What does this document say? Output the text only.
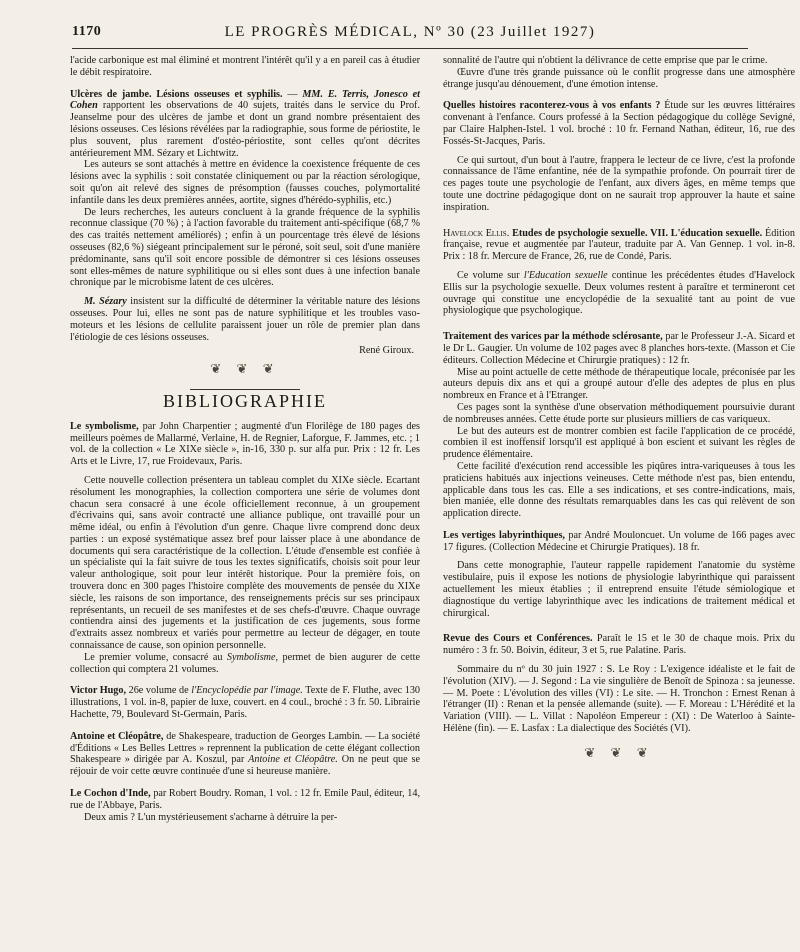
1170	LE PROGRÈS MÉDICAL, Nº 30 (23 Juillet 1927)

l'acide carbonique est mal éliminé et montrent l'intérêt qu'il y a en pareil cas à étudier le débit respiratoire.

Ulcères de jambe. Lésions osseuses et syphilis. — MM. E. Terris, Jonesco et Cohen rapportent les observations de 40 sujets, traités dans le service du Prof. Jeanselme pour des ulcères de jambe et dont un grand nombre présentaient des lésions osseuses. Ces lésions révélées par la radiographie, sous forme de périostite, le plus souvent, plus rarement d'ostéo-périostite, sont celles qu'ont décrites antérieurement MM. Sézary et Lichtwitz.

Les auteurs se sont attachés à mettre en évidence la coexistence fréquente de ces lésions avec la syphilis : soit constatée cliniquement ou par la réaction sérologique, soit qu'on ait relevé des signes de présomption (fausses couches, polymortalité infantile dans les deux premières années, aortite, signes d'hérédo-syphilis, etc.)

De leurs recherches, les auteurs concluent à la grande fréquence de la syphilis reconnue classique (70 %) ; à l'action favorable du traitement anti-spécifique (68,7 % des cas traités nettement améliorés) ; enfin à un pourcentage très élevé de lésions osseuses (82,6 %) siégeant principalement sur le péroné, soit seul, soit d'une manière prédominante, sans qu'il soit encore possible de démontrer si ces lésions osseuses sont elles-mêmes de nature syphilitique ou si elles sont dues à une infection banale chronique par le microbisme latent de ces ulcères.

M. Sézary insistent sur la difficulté de déterminer la véritable nature des lésions osseuses. Pour lui, elles ne sont pas de nature syphilitique et les troubles vaso-moteurs et les lésions de cellulite paraissent jouer un rôle de premier plan dans l'étiologie de ces lésions osseuses.

René Giroux.
❦ ❦ ❦
BIBLIOGRAPHIE

Le symbolisme, par John Charpentier ; augmenté d'un Florilège de 180 pages des meilleurs poèmes de Mallarmé, Verlaine, H. de Regnier, Laforgue, F. Jammes, etc. ; 1 vol. de la collection « Le XIXe siècle », in-16, 330 p. sur alfa pur. Prix : 12 fr. Les Arts et le Livre, 17, rue Froidevaux, Paris.

Cette nouvelle collection présentera un tableau complet du XIXe siècle. Ecartant résolument les monographies, la collection comportera une série de volumes dont chacun sera consacré à une école officiellement reconnue, à un groupement d'écrivains qui, sans avoir contracté une alliance publique, ont travaillé pour un même idéal, ou enfin à l'évolution d'un genre. Chaque livre comprend donc deux parties : un exposé systématique assez bref pour laisser place à une abondance de documents qui sera caractéristique de la collection. L'étude d'ensemble est confiée à un spécialiste qui la fait suivre de tous les textes significatifs, choisis soit pour leur valeur anthologique, soit pour leur intérêt historique. Pour la première fois, on trouvera donc en 300 pages l'histoire complète des mouvements de pensée du XIXe siècle, les raisons de son importance, des renseignements précis sur ses principaux représentants, un recueil de ses manifestes et de ses chefs-d'œuvre. Chaque ouvrage contiendra ainsi des jugements et la justification de ces jugements, sous forme d'extraits assez nombreux et variés pour permettre au lecteur de dégager, en toute connaissance de cause, son opinion personnelle.

Le premier volume, consacré au Symbolisme, permet de bien augurer de cette collection qui comptera 21 volumes.

Victor Hugo, 26e volume de l'Encyclopédie par l'image. Texte de F. Fluthe, avec 130 illustrations, 1 vol. in-8, papier de luxe, couvert. en 4 coul., broché : 3 fr. 50. Librairie Hachette, 79, Boulevard St-Germain, Paris.

Antoine et Cléopâtre, de Shakespeare, traduction de Georges Lambin. — La société d'Éditions « Les Belles Lettres » reprennent la publication de cette élégant collection Shakespeare » dirigée par A. Koszul, par Antoine et Cléopâtre. On ne peut que se réjouir de voir cette œuvre continuée d'une si heureuse manière.

Le Cochon d'Inde, par Robert Boudry. Roman, 1 vol. : 12 fr. Emile Paul, éditeur, 14, rue de l'Abbaye, Paris.

Deux amis ? L'un mystérieusement s'acharne à détruire la per-

sonnalité de l'autre qui n'obtient la délivrance de cette emprise que par le crime.

Œuvre d'une très grande puissance où le conflit progresse dans une atmosphère étrange jusqu'au dénouement, d'une émotion intense.

Quelles histoires raconterez-vous à vos enfants ? Étude sur les œuvres littéraires convenant à l'enfance. Cours professé à la Section pédagogique du collège Sevigné, par Claire Halphen-Istel. 1 vol. broché : 10 fr. Fernand Nathan, éditeur, 16, rue des Fossés-St-Jacques, Paris.

Ce qui surtout, d'un bout à l'autre, frappera le lecteur de ce livre, c'est la profonde connaissance de l'âme enfantine, née de la sympathie profonde. On pourrait tirer de ces pages toute une psychologie de l'enfant, aux divers âges, en même temps que toute une doctrine pédagogique dont on ne saurait trop approuver la haute et saine inspiration.

Havelock Ellis. Etudes de psychologie sexuelle. VII. L'éducation sexuelle. Édition française, revue et augmentée par l'auteur, traduite par A. Van Gennep. 1 vol. in-8. Prix : 18 fr. Mercure de France, 26, rue de Condé, Paris.

Ce volume sur l'Education sexuelle continue les précédentes études d'Havelock Ellis sur la psychologie sexuelle. Deux volumes restent à paraître et termineront cet ouvrage qui constitue une encyclopédie de la sexualité tant au point de vue physiologique que psychologique.

Traitement des varices par la méthode sclérosante, par le Professeur J.-A. Sicard et le Dr L. Gaugier. Un volume de 102 pages avec 8 planches hors-texte. (Masson et Cie éditeurs. Collection Médecine et Chirurgie pratiques) : 12 fr.

Mise au point actuelle de cette méthode de thérapeutique locale, préconisée par les auteurs depuis dix ans et qui a groupé autour d'elle des adeptes de plus en plus nombreux en France et à l'Etranger.

Ces pages sont la synthèse d'une observation méthodiquement poursuivie durant de nombreuses années. Cette étude porte sur plusieurs milliers de cas variqueux.

Le but des auteurs est de montrer combien est facile l'application de ce procédé, combien il est inoffensif lorsqu'il est appliqué à bon escient et suivant les règles de prudence élémentaire.

Cette facilité d'exécution rend accessible les piqûres intra-variqueuses à tous les praticiens habitués aux injections veineuses. Cette méthode n'est pas, bien entendu, applicable dans tous les cas. Elle a ses indications, et ses contre-indications, mais, bien maniée, elle donne des résultats remarquables dans les cas qui relèvent de son application directe.

Les vertiges labyrinthiques, par André Mouloncuet. Un volume de 166 pages avec 17 figures. (Collection Médecine et Chirurgie Pratiques). 18 fr.

Dans cette monographie, l'auteur rappelle rapidement l'anatomie du système vestibulaire, puis il expose les notions de physiologie labyrinthique qui paraissent actuellement les mieux établies ; il entreprend ensuite l'étude sémiologique et diagnostique du vertige labyrinthique avec les indications de traitement médical et chirurgical.

Revue des Cours et Conférences. Paraît le 15 et le 30 de chaque mois. Prix du numéro : 3 fr. 50. Boivin, éditeur, 3 et 5, rue Palatine. Paris.

Sommaire du nº du 30 juin 1927 : S. Le Roy : L'exigence idéaliste et le fait de l'évolution (XIV). — J. Segond : La vie singulière de Benoît de Spinoza : sa jeunesse. — M. Poete : L'évolution des villes (VI) : Le site. — H. Tronchon : Ernest Renan à l'étranger (II) : Renan et la pensée allemande (suite). — F. Moreau : L'Hérédité et la Variation (VIII). — L. Villat : Napoléon Empereur : (XI) : De Waterloo à Sainte-Hélène (fin). — E. Lasfax : La dialectique des Sociétés (VI).

❦ ❦ ❦
